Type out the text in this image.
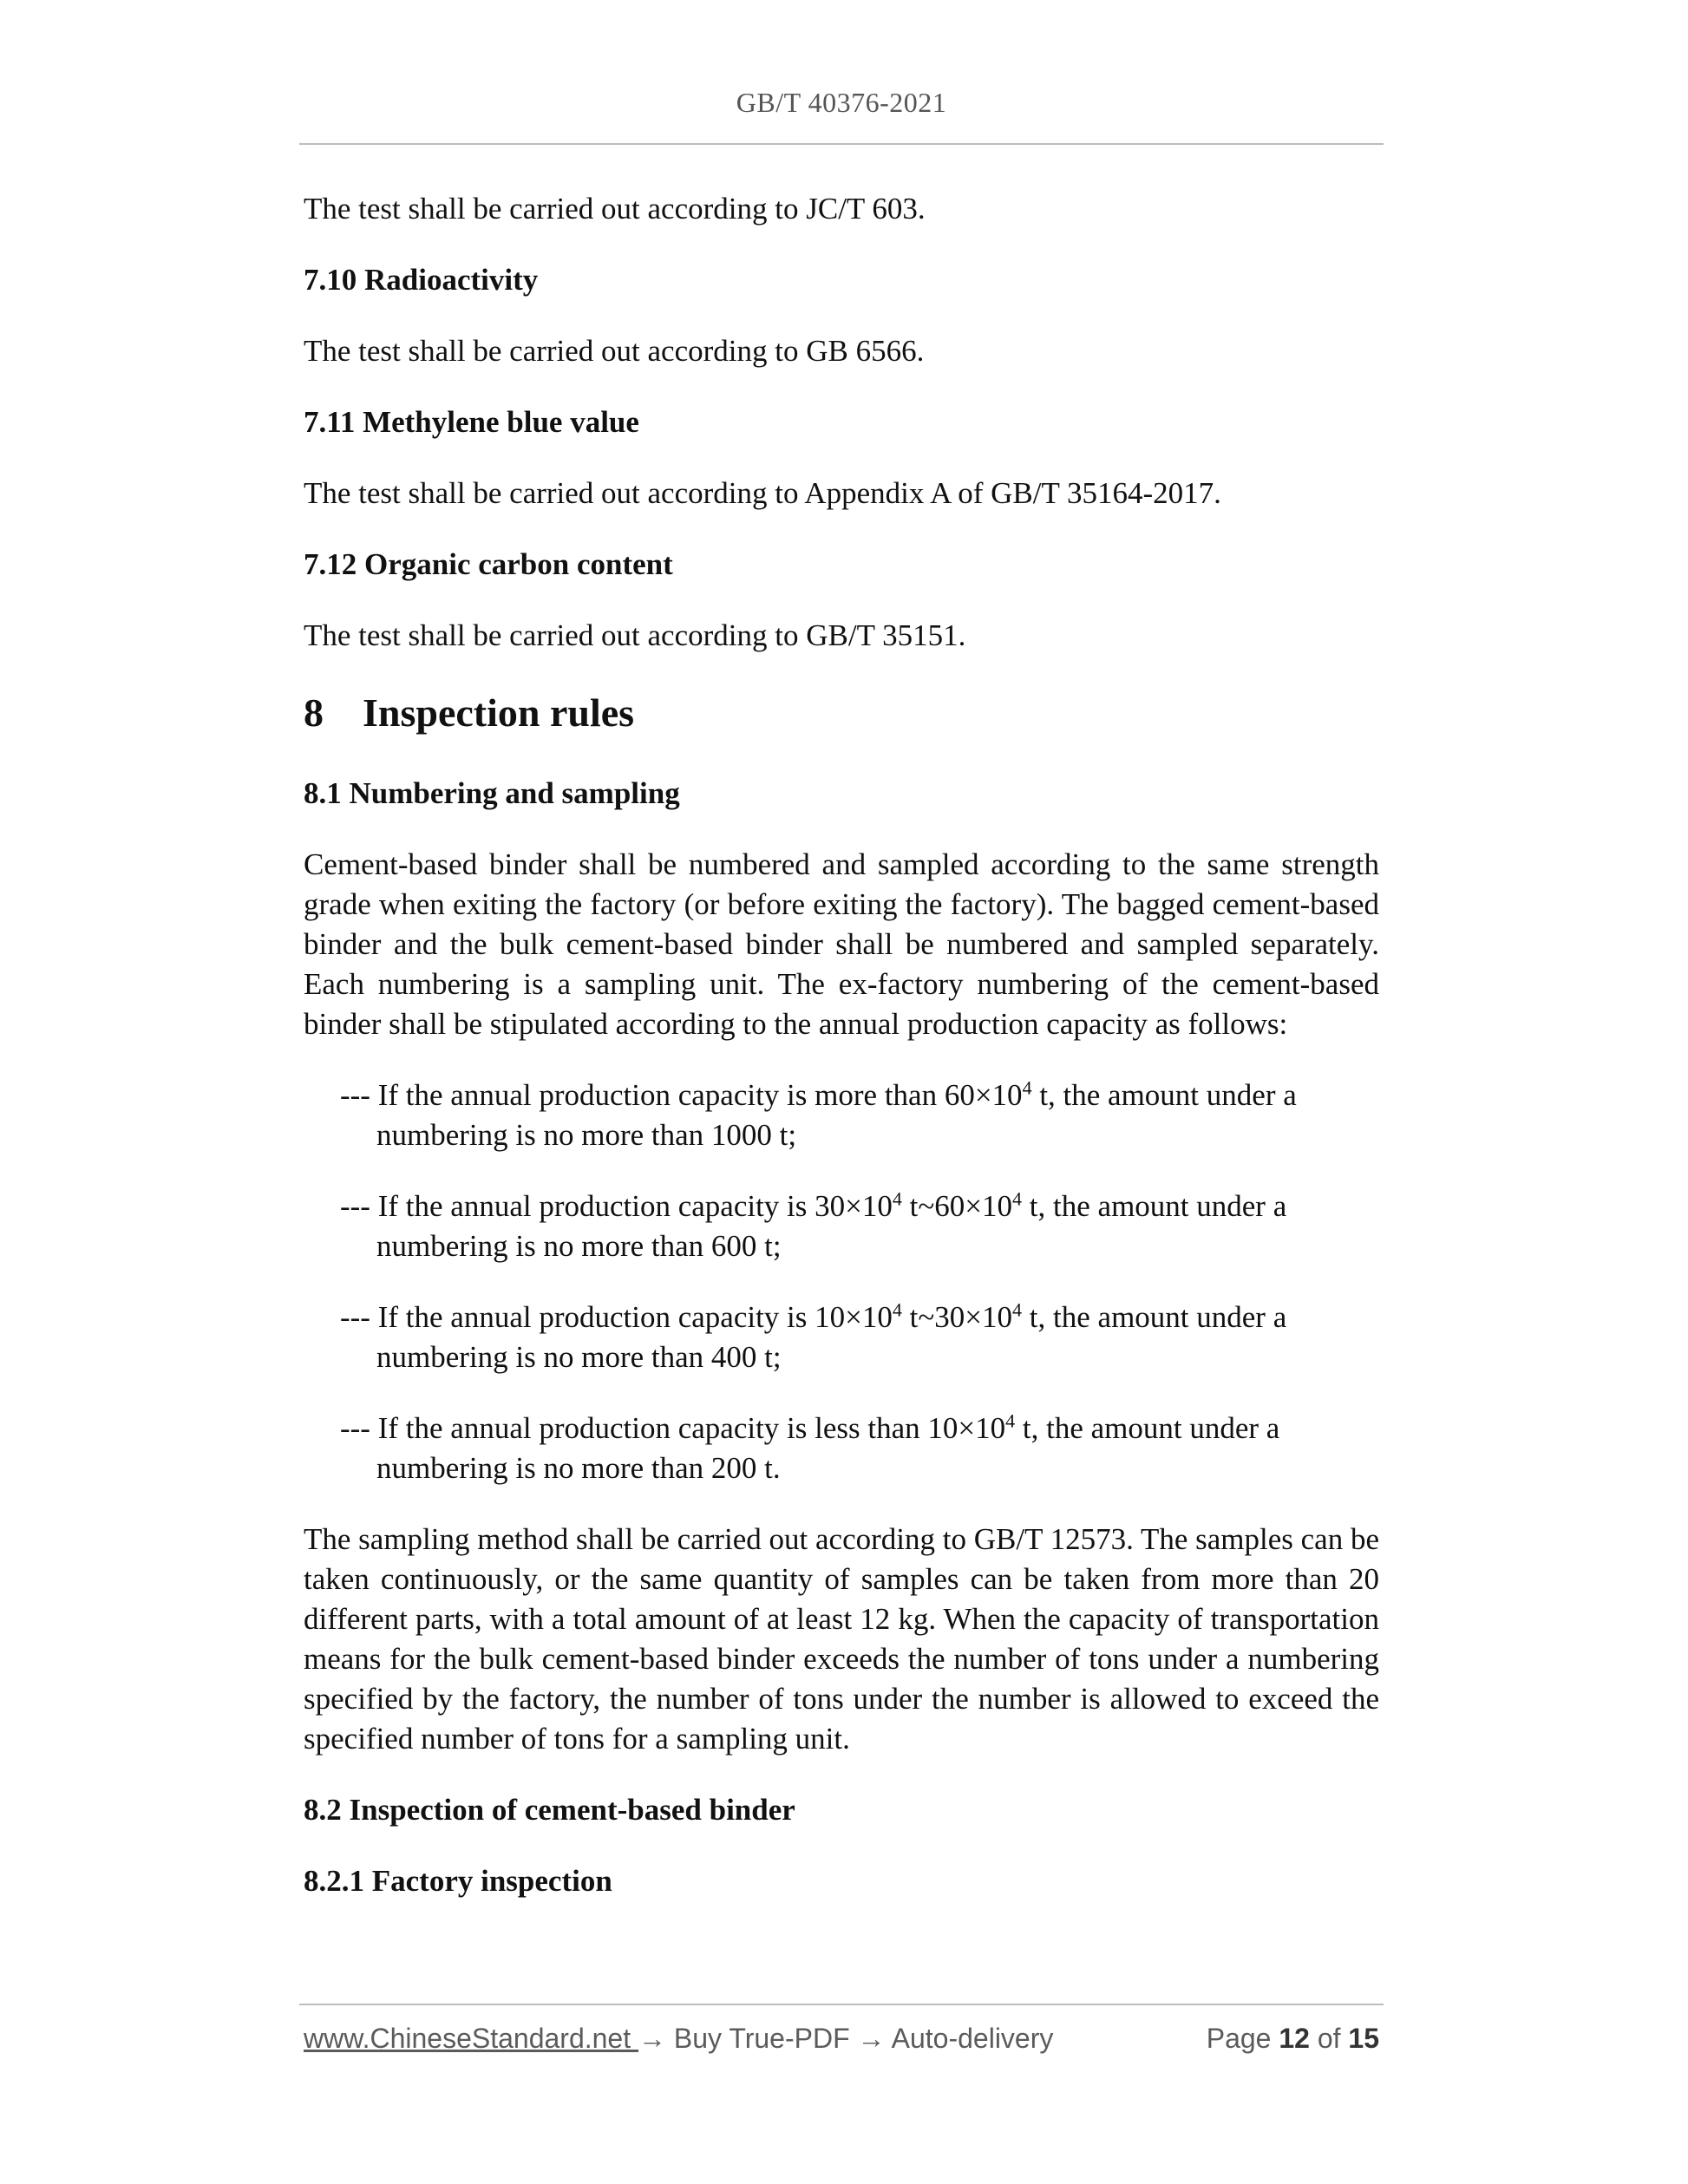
GB/T 40376-2021

The test shall be carried out according to JC/T 603.

7.10 Radioactivity

The test shall be carried out according to GB 6566.

7.11 Methylene blue value

The test shall be carried out according to Appendix A of GB/T 35164-2017.

7.12 Organic carbon content

The test shall be carried out according to GB/T 35151.

8 Inspection rules
8.1 Numbering and sampling

Cement-based binder shall be numbered and sampled according to the same strength grade when exiting the factory (or before exiting the factory). The bagged cement-based binder and the bulk cement-based binder shall be numbered and sampled separately. Each numbering is a sampling unit. The ex-factory numbering of the cement-based binder shall be stipulated according to the annual production capacity as follows:

--- If the annual production capacity is more than $60\times 10^4$ t, the amount under a
numbering is no more than 1000 t;
--- If the annual production capacity is $30\times 10^4$ $t\sim 60\times 10^4$ t, the amount under a
numbering is no more than 600 t;
--- If the annual production capacity is $10\times 10^4$ $t\sim 30\times 10^4$ t, the amount under a
numbering is no more than 400 t;
--- If the annual production capacity is less than $10\times 10^4$ t, the amount under a
numbering is no more than 200 t.

The sampling method shall be carried out according to GB/T 12573. The samples can be taken continuously, or the same quantity of samples can be taken from more than 20 different parts, with a total amount of at least 12 kg. When the capacity of transportation means for the bulk cement-based binder exceeds the number of tons under a numbering specified by the factory, the number of tons under the number is allowed to exceed the specified number of tons for a sampling unit.

8.2 Inspection of cement-based binder
8.2.1 Factory inspection
www.ChineseStandard.net → Buy True-PDF → Auto-delivery	Page 12 of 15
